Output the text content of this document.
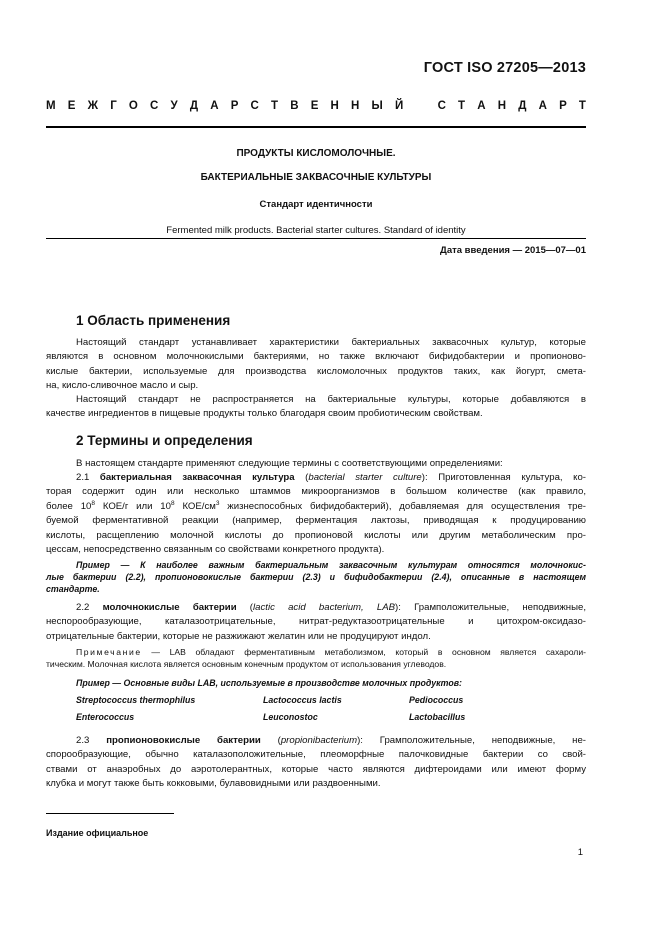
ГОСТ ISO 27205—2013
М Е Ж Г О С У Д А Р С Т В Е Н Н Ы Й	С Т А Н Д А Р Т
ПРОДУКТЫ КИСЛОМОЛОЧНЫЕ.
БАКТЕРИАЛЬНЫЕ ЗАКВАСОЧНЫЕ КУЛЬТУРЫ
Стандарт идентичности
Fermented milk products. Bacterial starter cultures. Standard of identity
Дата введения — 2015—07—01
1 Область применения
Настоящий стандарт устанавливает характеристики бактериальных заквасочных культур, которые
являются в основном молочнокислыми бактериями, но также включают бифидобактерии и пропионово-
кислые бактерии, используемые для производства кисломолочных продуктов таких, как йогурт, смета-
на, кисло-сливочное масло и сыр.
Настоящий стандарт не распространяется на бактериальные культуры, которые добавляются в
качестве ингредиентов в пищевые продукты только благодаря своим пробиотическим свойствам.
2 Термины и определения
В настоящем стандарте применяют следующие термины с соответствующими определениями:
2.1 бактериальная заквасочная культура (bacterial starter culture): Приготовленная культура, ко-
торая содержит один или несколько штаммов микроорганизмов в большом количестве (как правило,
более $10^8$ КОЕ/г или $10^8$ КОЕ/$см^3$ жизнеспособных бифидобактерий), добавляемая для осуществления тре-
буемой ферментативной реакции (например, ферментация лактозы, приводящая к продуцированию
кислоты, расщеплению молочной кислоты до пропионовой кислоты или другим метаболическим про-
цессам, непосредственно связанным со свойствами конкретного продукта).
Пример — К наиболее важным бактериальным заквасочным культурам относятся молочнокис-
лые бактерии (2.2), пропионовокислые бактерии (2.3) и бифидобактерии (2.4), описанные в настоящем
стандарте.
2.2 молочнокислые бактерии (lactic acid bacterium, LAB): Грамположительные, неподвижные,
неспорообразующие, каталазоотрицательные, нитрат-редуктазоотрицательные и цитохром-оксидазо-
отрицательные бактерии, которые не разжижают желатин или не продуцируют индол.
Примечание — LAB обладают ферментативным метаболизмом, который в основном является сахароли-
тическим. Молочная кислота является основным конечным продуктом от использования углеводов.
Пример — Основные виды LAB, используемые в производстве молочных продуктов:
Streptococcus thermophilus	Lactococcus lactis	Pediococcus
Enterococcus	Leuconostoc	Lactobacillus
2.3 пропионовокислые бактерии (propionibacterium): Грамположительные, неподвижные, не-
спорообразующие, обычно каталазоположительные, плеоморфные палочковидные бактерии со свой-
ствами от анаэробных до аэротолерантных, которые часто являются дифтероидами или имеют форму
клубка и могут также быть кокковыми, булавовидными или раздвоенными.
Издание официальное
1
